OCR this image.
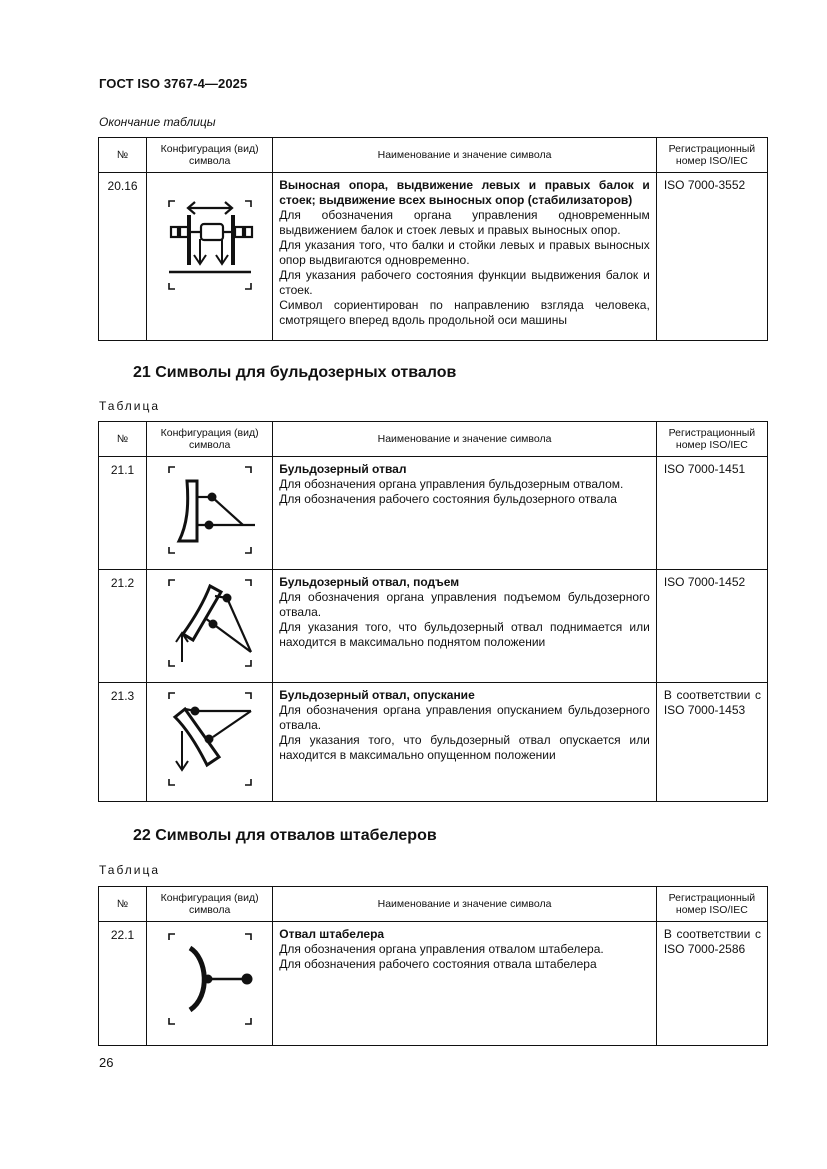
ГОСТ ISO 3767-4—2025
Окончание таблицы
№	Конфигурация (вид) символа	Наименование и значение символа	Регистрационный номер ISO/IEC
20.16		Выносная опора, выдвижение левых и правых балок и стоек; выдвижение всех выносных опор (стабилизаторов)
Для обозначения органа управления одновременным выдвижением балок и стоек левых и правых выносных опор.
Для указания того, что балки и стойки левых и правых выносных опор выдвигаются одновременно.
Для указания рабочего состояния функции выдвижения балок и стоек.
Символ сориентирован по направлению взгляда человека, смотрящего вперед вдоль продольной оси машины	ISO 7000-3552
21 Символы для бульдозерных отвалов
Таблица
№	Конфигурация (вид) символа	Наименование и значение символа	Регистрационный номер ISO/IEC
21.1		Бульдозерный отвал
Для обозначения органа управления бульдозерным отвалом.
Для обозначения рабочего состояния бульдозерного отвала	ISO 7000-1451
21.2		Бульдозерный отвал, подъем
Для обозначения органа управления подъемом бульдозерного отвала.
Для указания того, что бульдозерный отвал поднимается или находится в максимально поднятом положении	ISO 7000-1452
21.3		Бульдозерный отвал, опускание
Для обозначения органа управления опусканием бульдозерного отвала.
Для указания того, что бульдозерный отвал опускается или находится в максимально опущенном положении	В соответствии с ISO 7000-1453
22 Символы для отвалов штабелеров
Таблица
№	Конфигурация (вид) символа	Наименование и значение символа	Регистрационный номер ISO/IEC
22.1		Отвал штабелера
Для обозначения органа управления отвалом штабелера.
Для обозначения рабочего состояния отвала штабелера	В соответствии с ISO 7000-2586
26
